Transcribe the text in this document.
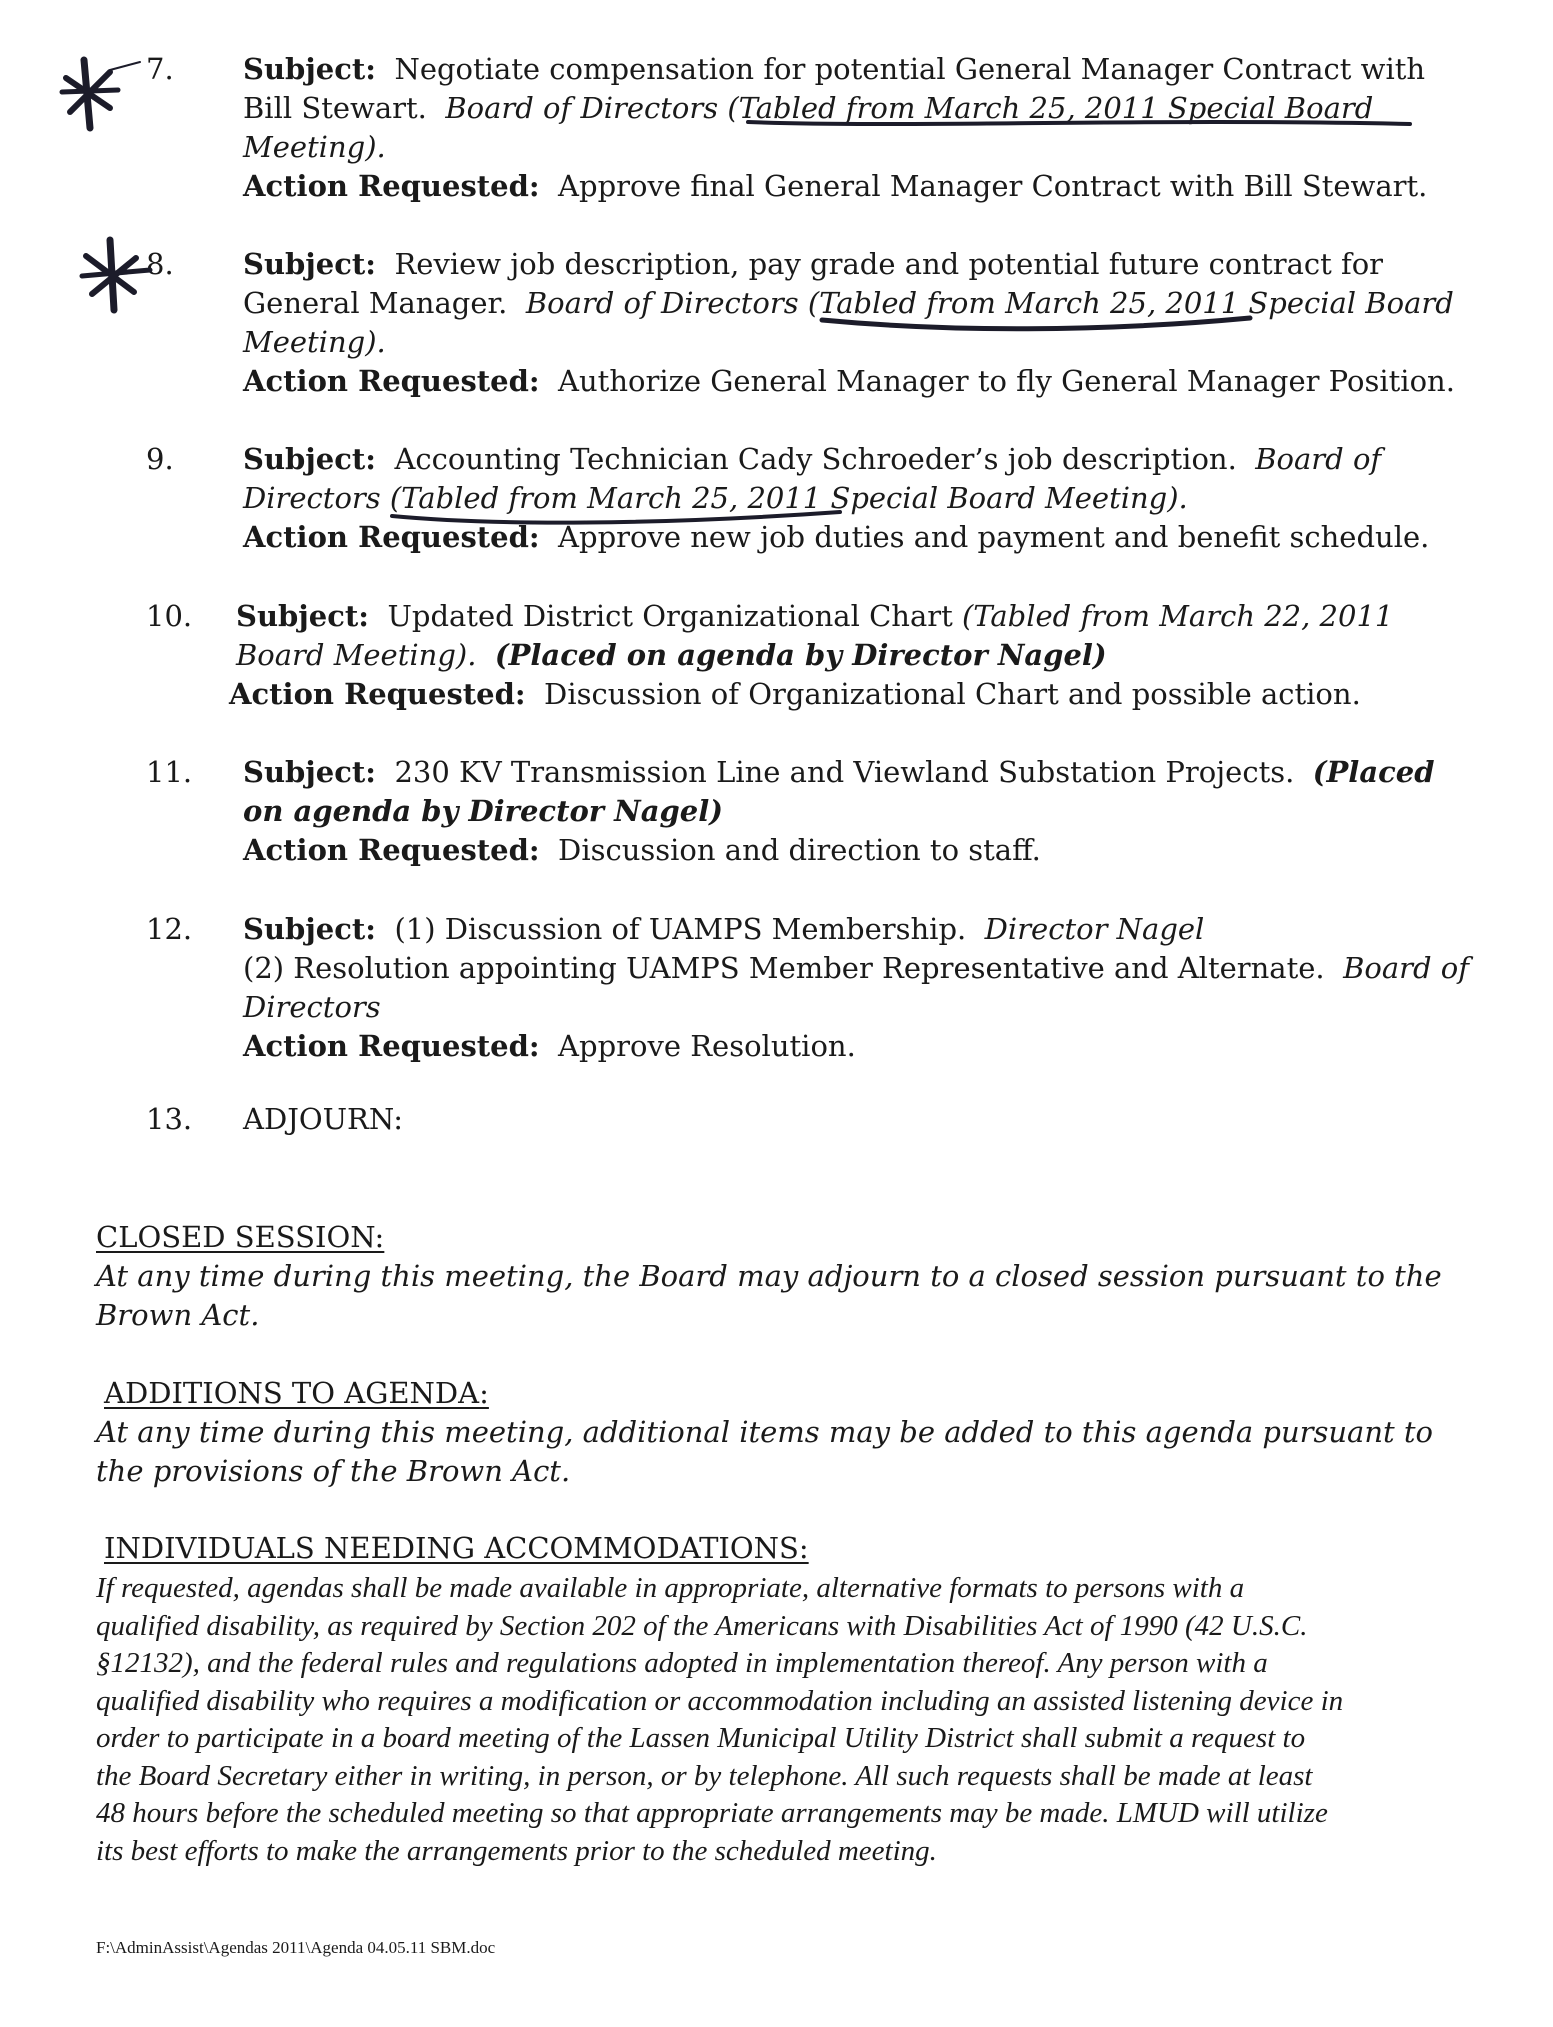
7. Subject:  Negotiate compensation for potential General Manager Contract with
Bill Stewart.  Board of Directors (Tabled from March 25, 2011 Special Board
Meeting).
Action Requested:  Approve final General Manager Contract with Bill Stewart.
8. Subject:  Review job description, pay grade and potential future contract for
General Manager.  Board of Directors (Tabled from March 25, 2011 Special Board
Meeting).
Action Requested:  Authorize General Manager to fly General Manager Position.
9. Subject:  Accounting Technician Cady Schroeder’s job description.  Board of
Directors (Tabled from March 25, 2011 Special Board Meeting).
Action Requested:  Approve new job duties and payment and benefit schedule.
10. Subject:  Updated District Organizational Chart (Tabled from March 22, 2011
Board Meeting).  (Placed on agenda by Director Nagel)
Action Requested:  Discussion of Organizational Chart and possible action.
11. Subject:  230 KV Transmission Line and Viewland Substation Projects.  (Placed
on agenda by Director Nagel)
Action Requested:  Discussion and direction to staff.
12. Subject:  (1) Discussion of UAMPS Membership.  Director Nagel
(2) Resolution appointing UAMPS Member Representative and Alternate.  Board of
Directors
Action Requested:  Approve Resolution.
13. ADJOURN:
CLOSED SESSION:
At any time during this meeting, the Board may adjourn to a closed session pursuant to the
Brown Act.
ADDITIONS TO AGENDA:
At any time during this meeting, additional items may be added to this agenda pursuant to
the provisions of the Brown Act.
INDIVIDUALS NEEDING ACCOMMODATIONS:
If requested, agendas shall be made available in appropriate, alternative formats to persons with a
qualified disability, as required by Section 202 of the Americans with Disabilities Act of 1990 (42 U.S.C.
§12132), and the federal rules and regulations adopted in implementation thereof. Any person with a
qualified disability who requires a modification or accommodation including an assisted listening device in
order to participate in a board meeting of the Lassen Municipal Utility District shall submit a request to
the Board Secretary either in writing, in person, or by telephone. All such requests shall be made at least
48 hours before the scheduled meeting so that appropriate arrangements may be made. LMUD will utilize
its best efforts to make the arrangements prior to the scheduled meeting.
F:\AdminAssist\Agendas 2011\Agenda 04.05.11 SBM.doc
